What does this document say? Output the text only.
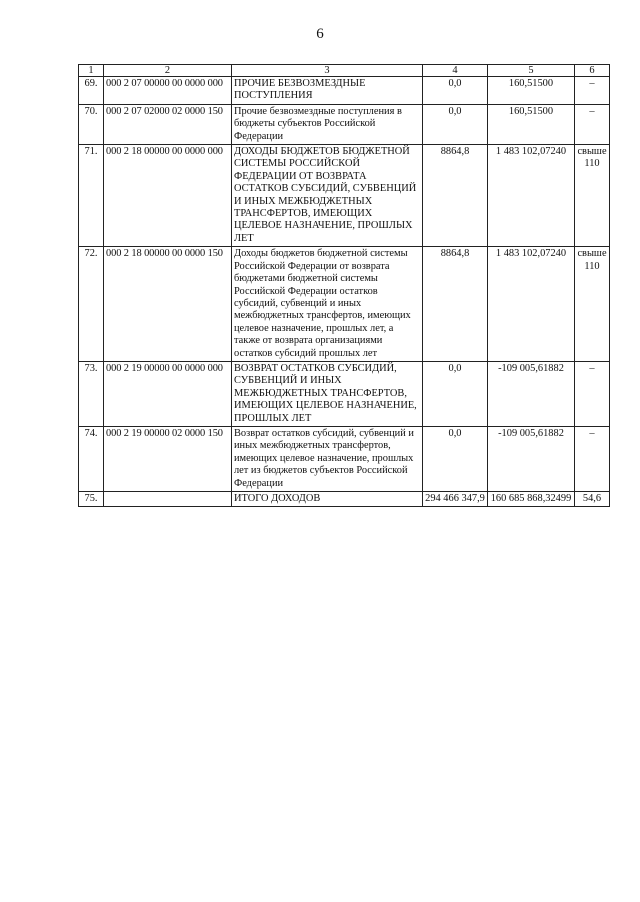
6
1	2	3	4	5	6
69.	000 2 07 00000 00 0000 000	ПРОЧИЕ БЕЗВОЗМЕЗДНЫЕ ПОСТУПЛЕНИЯ	0,0	160,51500	–
70.	000 2 07 02000 02 0000 150	Прочие безвозмездные поступления в бюджеты субъектов Российской Федерации	0,0	160,51500	–
71.	000 2 18 00000 00 0000 000	ДОХОДЫ БЮДЖЕТОВ БЮДЖЕТНОЙ СИСТЕМЫ РОССИЙСКОЙ ФЕДЕРАЦИИ ОТ ВОЗВРАТА ОСТАТКОВ СУБСИДИЙ, СУБВЕНЦИЙ И ИНЫХ МЕЖБЮДЖЕТНЫХ ТРАНСФЕРТОВ, ИМЕЮЩИХ ЦЕЛЕВОЕ НАЗНАЧЕНИЕ, ПРОШЛЫХ ЛЕТ	8864,8	1 483 102,07240	свыше 110
72.	000 2 18 00000 00 0000 150	Доходы бюджетов бюджетной системы Российской Федерации от возврата бюджетами бюджетной системы Российской Федерации остатков субсидий, субвенций и иных межбюджетных трансфертов, имеющих целевое назначение, прошлых лет, а также от возврата организациями остатков субсидий прошлых лет	8864,8	1 483 102,07240	свыше 110
73.	000 2 19 00000 00 0000 000	ВОЗВРАТ ОСТАТКОВ СУБСИДИЙ, СУБВЕНЦИЙ И ИНЫХ МЕЖБЮДЖЕТНЫХ ТРАНСФЕРТОВ, ИМЕЮЩИХ ЦЕЛЕВОЕ НАЗНАЧЕНИЕ, ПРОШЛЫХ ЛЕТ	0,0	-109 005,61882	–
74.	000 2 19 00000 02 0000 150	Возврат остатков субсидий, субвенций и иных межбюджетных трансфертов, имеющих целевое назначение, прошлых лет из бюджетов субъектов Российской Федерации	0,0	-109 005,61882	–
75.		ИТОГО ДОХОДОВ	294 466 347,9	160 685 868,32499	54,6
